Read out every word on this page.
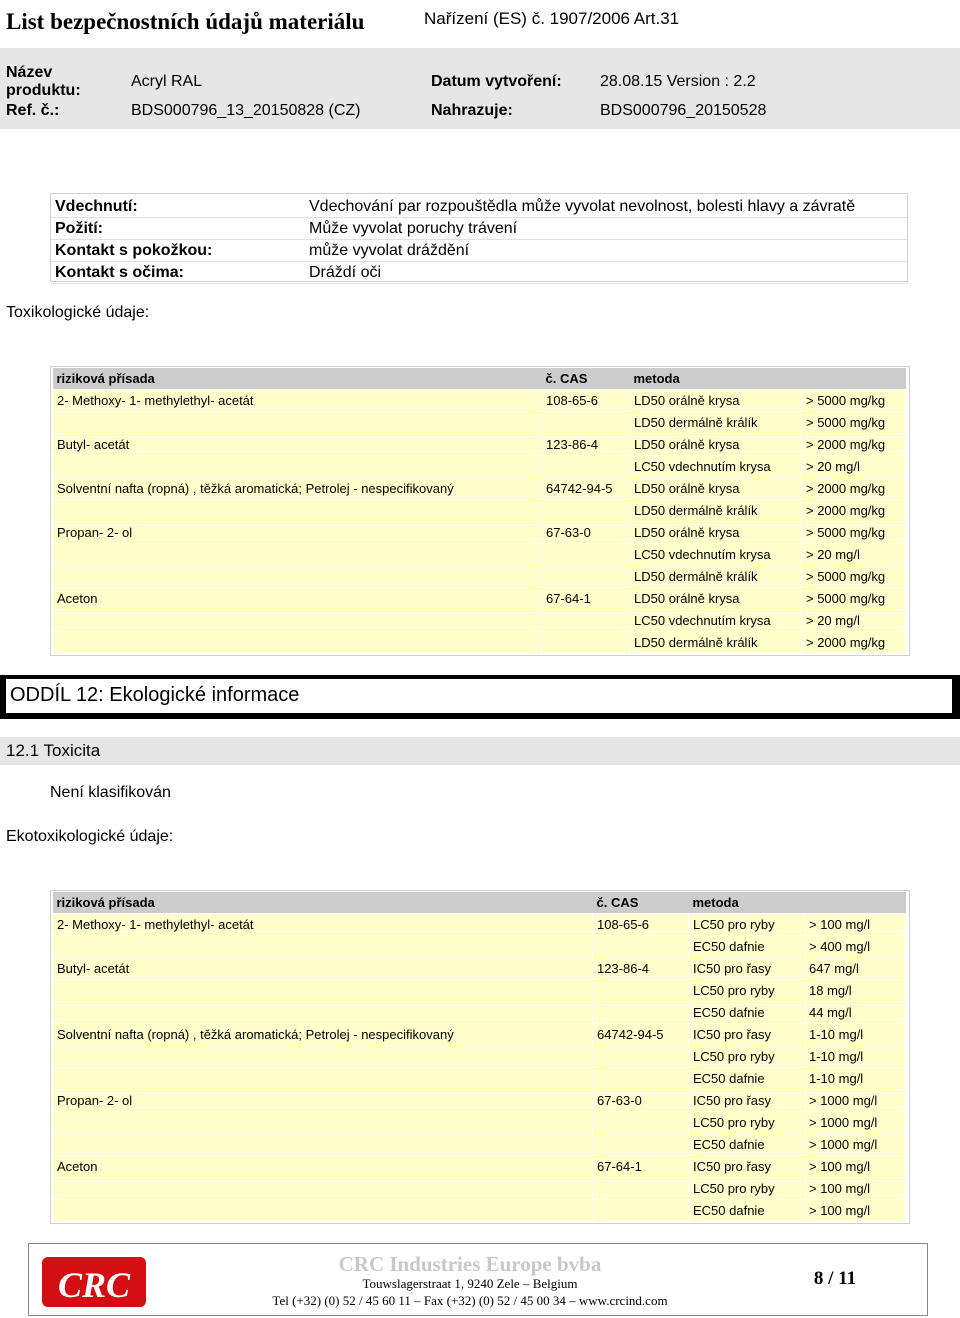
List bezpečnostních údajů materiálu	Nařízení (ES) č. 1907/2006 Art.31
Název
produktu:
Acryl RAL	Datum vytvoření: 28.08.15 Version : 2.2
Ref. č.:	BDS000796_13_20150828 (CZ)	Nahrazuje:	BDS000796_20150528
Vdechnutí:	Vdechování par rozpouštědla může vyvolat nevolnost, bolesti hlavy a závratě
Požití:	Může vyvolat poruchy trávení
Kontakt s pokožkou:	může vyvolat dráždění
Kontakt s očima:	Dráždí oči
Toxikologické údaje:
riziková přísada	č. CAS	metoda	
2- Methoxy- 1- methylethyl- acetát	108-65-6	LD50 orálně krysa	> 5000 mg/kg
		LD50 dermálně králík	> 5000 mg/kg
Butyl- acetát	123-86-4	LD50 orálně krysa	> 2000 mg/kg
		LC50 vdechnutím krysa	> 20 mg/l
Solventní nafta (ropná) , těžká aromatická; Petrolej - nespecifikovaný	64742-94-5	LD50 orálně krysa	> 2000 mg/kg
		LD50 dermálně králík	> 2000 mg/kg
Propan- 2- ol	67-63-0	LD50 orálně krysa	> 5000 mg/kg
		LC50 vdechnutím krysa	> 20 mg/l
		LD50 dermálně králík	> 5000 mg/kg
Aceton	67-64-1	LD50 orálně krysa	> 5000 mg/kg
		LC50 vdechnutím krysa	> 20 mg/l
		LD50 dermálně králík	> 2000 mg/kg
ODDÍL 12: Ekologické informace
12.1 Toxicita
Není klasifikován
Ekotoxikologické údaje:
riziková přísada	č. CAS	metoda	
2- Methoxy- 1- methylethyl- acetát	108-65-6	LC50 pro ryby	> 100 mg/l
		EC50 dafnie	> 400 mg/l
Butyl- acetát	123-86-4	IC50 pro řasy	647 mg/l
		LC50 pro ryby	18 mg/l
		EC50 dafnie	44 mg/l
Solventní nafta (ropná) , těžká aromatická; Petrolej - nespecifikovaný	64742-94-5	IC50 pro řasy	1-10 mg/l
		LC50 pro ryby	1-10 mg/l
		EC50 dafnie	1-10 mg/l
Propan- 2- ol	67-63-0	IC50 pro řasy	> 1000 mg/l
		LC50 pro ryby	> 1000 mg/l
		EC50 dafnie	> 1000 mg/l
Aceton	67-64-1	IC50 pro řasy	> 100 mg/l
		LC50 pro ryby	> 100 mg/l
		EC50 dafnie	> 100 mg/l
CRC
CRC Industries Europe bvba
Touwslagerstraat 1, 9240 Zele – Belgium
Tel (+32) (0) 52 / 45 60 11 – Fax (+32) (0) 52 / 45 00 34 – www.crcind.com
8 / 11
